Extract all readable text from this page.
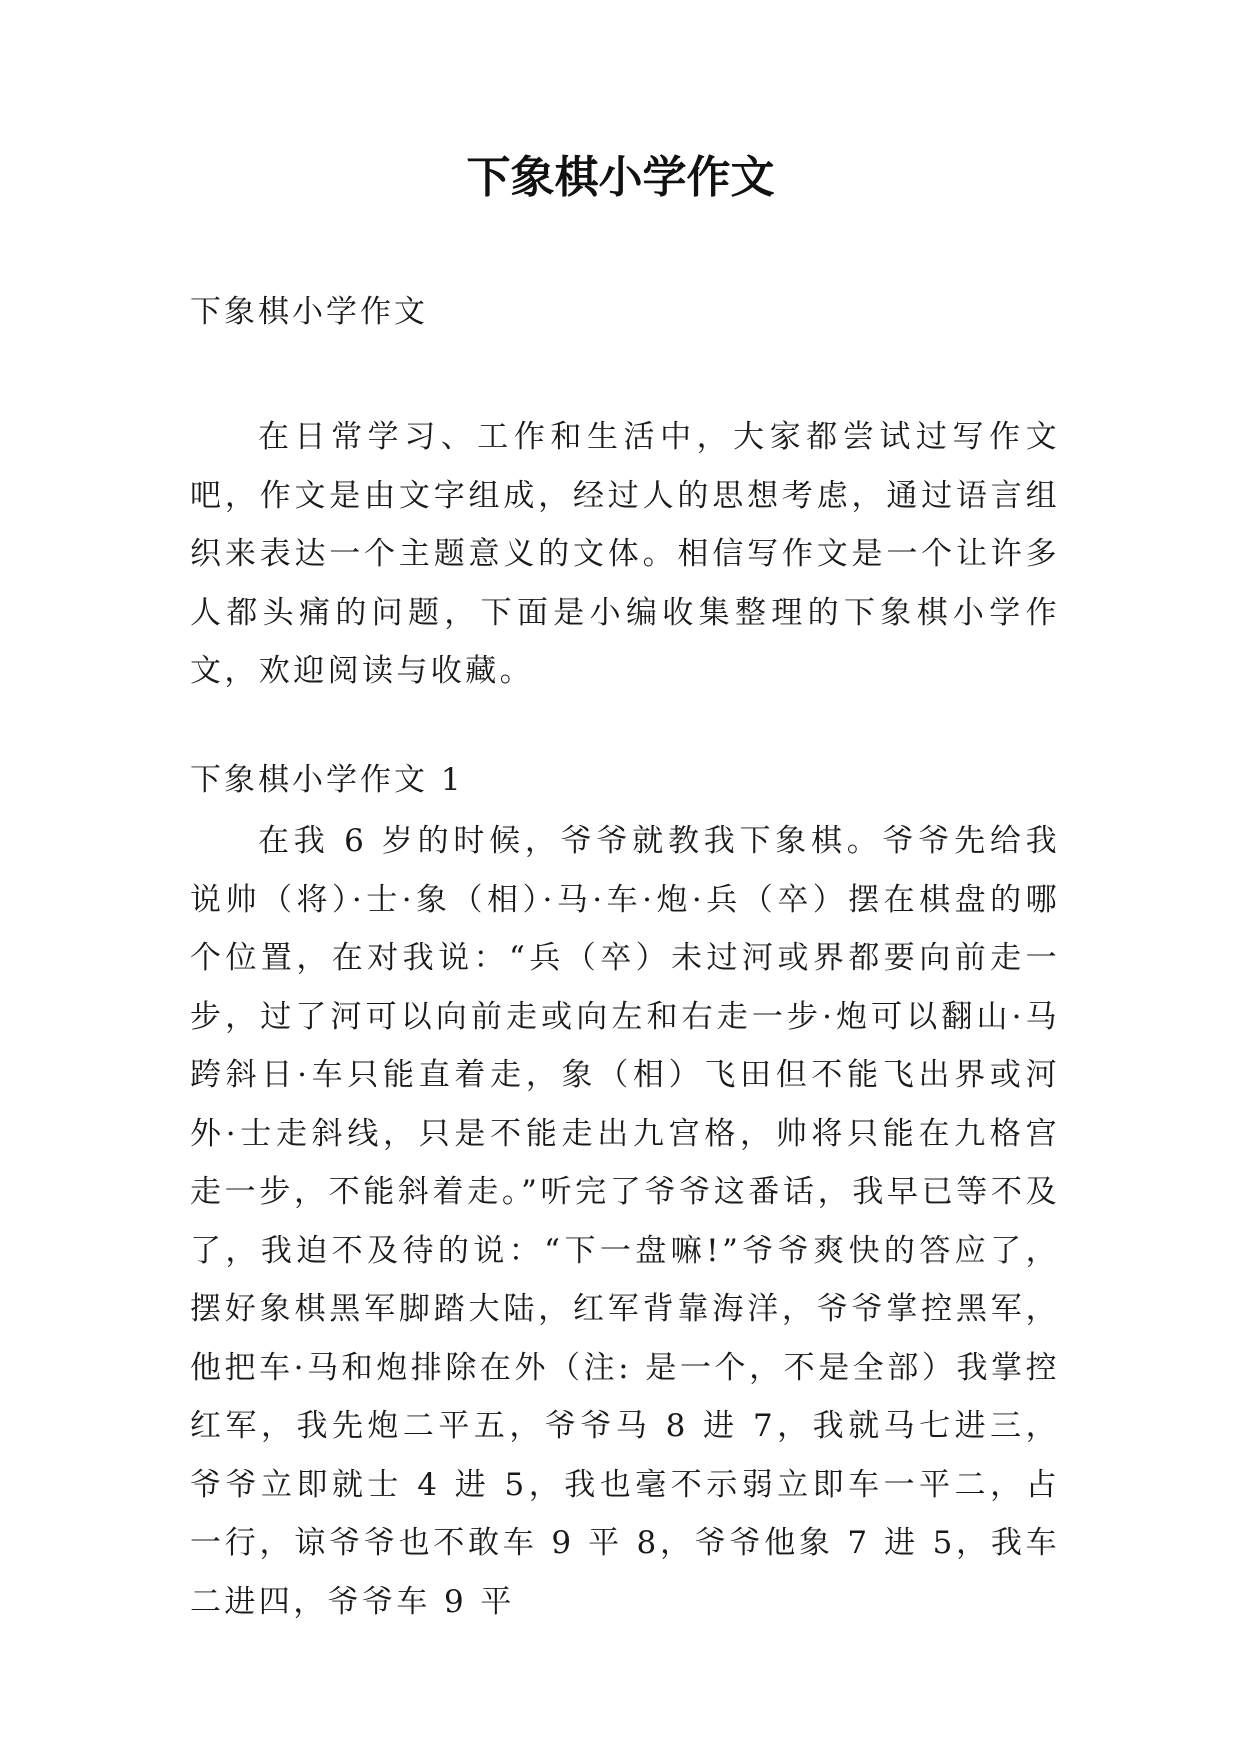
下象棋小学作文

下象棋小学作文

在日常学习、工作和生活中，大家都尝试过写作文吧，作文是由文字组成，经过人的思想考虑，通过语言组织来表达一个主题意义的文体。相信写作文是一个让许多人都头痛的问题，下面是小编收集整理的下象棋小学作文，欢迎阅读与收藏。

下象棋小学作文 1

在我 6 岁的时候，爷爷就教我下象棋。爷爷先给我说帅（将）·士·象（相）·马·车·炮·兵（卒）摆在棋盘的哪个位置，在对我说：“兵（卒）未过河或界都要向前走一步，过了河可以向前走或向左和右走一步·炮可以翻山·马跨斜日·车只能直着走，象（相）飞田但不能飞出界或河外·士走斜线，只是不能走出九宫格，帅将只能在九格宫走一步，不能斜着走。”听完了爷爷这番话，我早已等不及了，我迫不及待的说：“下一盘嘛!”爷爷爽快的答应了，摆好象棋黑军脚踏大陆，红军背靠海洋，爷爷掌控黑军，他把车·马和炮排除在外（注: 是一个，不是全部）我掌控红军，我先炮二平五，爷爷马 8 进 7，我就马七进三，爷爷立即就士 4 进 5，我也毫不示弱立即车一平二，占一行，谅爷爷也不敢车 9 平 8，爷爷他象 7 进 5，我车二进四，爷爷车 9 平
